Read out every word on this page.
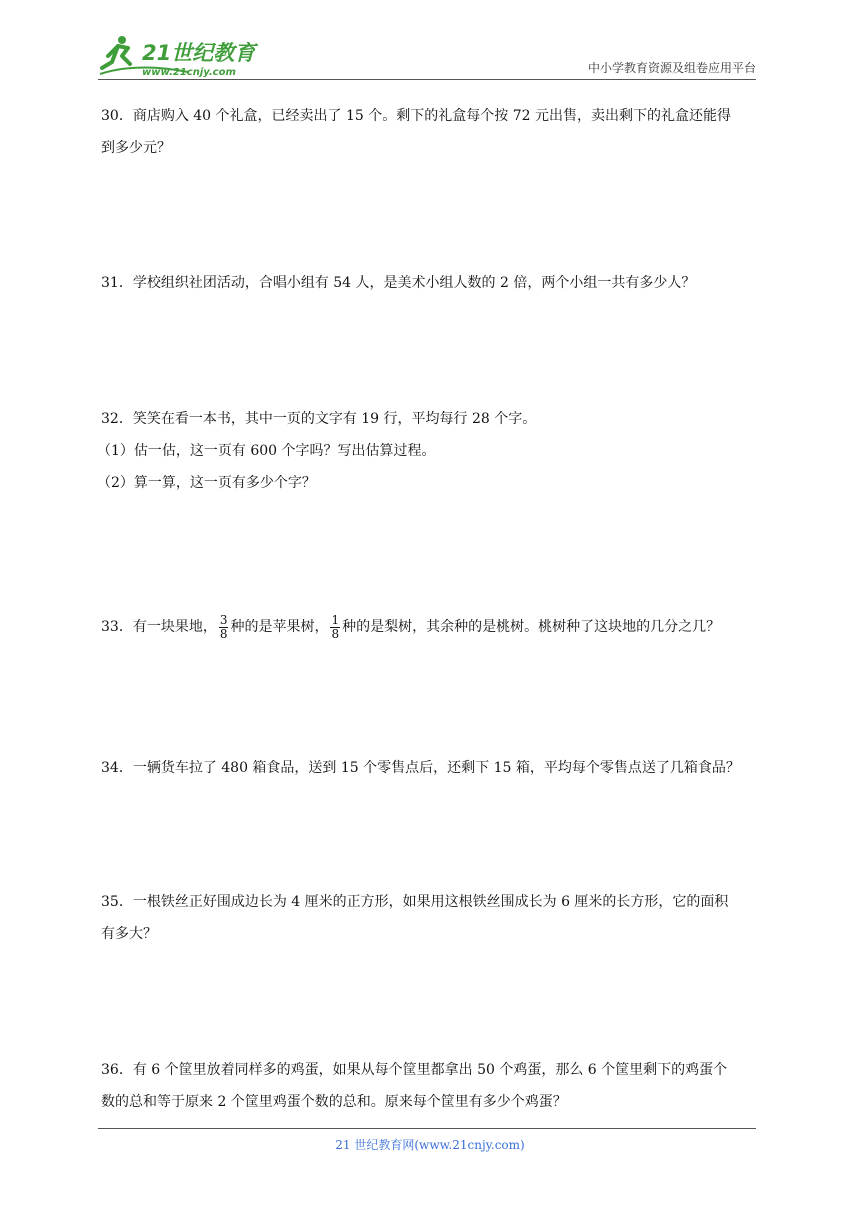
21世纪教育
www.21cnjy.com	中小学教育资源及组卷应用平台

30．商店购入 40 个礼盒，已经卖出了 15 个。剩下的礼盒每个按 72 元出售，卖出剩下的礼盒还能得

到多少元？

31．学校组织社团活动，合唱小组有 54 人，是美术小组人数的 2 倍，两个小组一共有多少人？

32．笑笑在看一本书，其中一页的文字有 19 行，平均每行 28 个字。

（1）估一估，这一页有 600 个字吗？写出估算过程。

（2）算一算，这一页有多少个字？

33．有一块果地， $\frac{3}{8}$ 种的是苹果树， $\frac{1}{8}$ 种的是梨树，其余种的是桃树。桃树种了这块地的几分之几？

34．一辆货车拉了 480 箱食品，送到 15 个零售点后，还剩下 15 箱，平均每个零售点送了几箱食品？

35．一根铁丝正好围成边长为 4 厘米的正方形，如果用这根铁丝围成长为 6 厘米的长方形，它的面积

有多大？

36．有 6 个筐里放着同样多的鸡蛋，如果从每个筐里都拿出 50 个鸡蛋，那么 6 个筐里剩下的鸡蛋个

数的总和等于原来 2 个筐里鸡蛋个数的总和。原来每个筐里有多少个鸡蛋？

21 世纪教育网(www.21cnjy.com)
